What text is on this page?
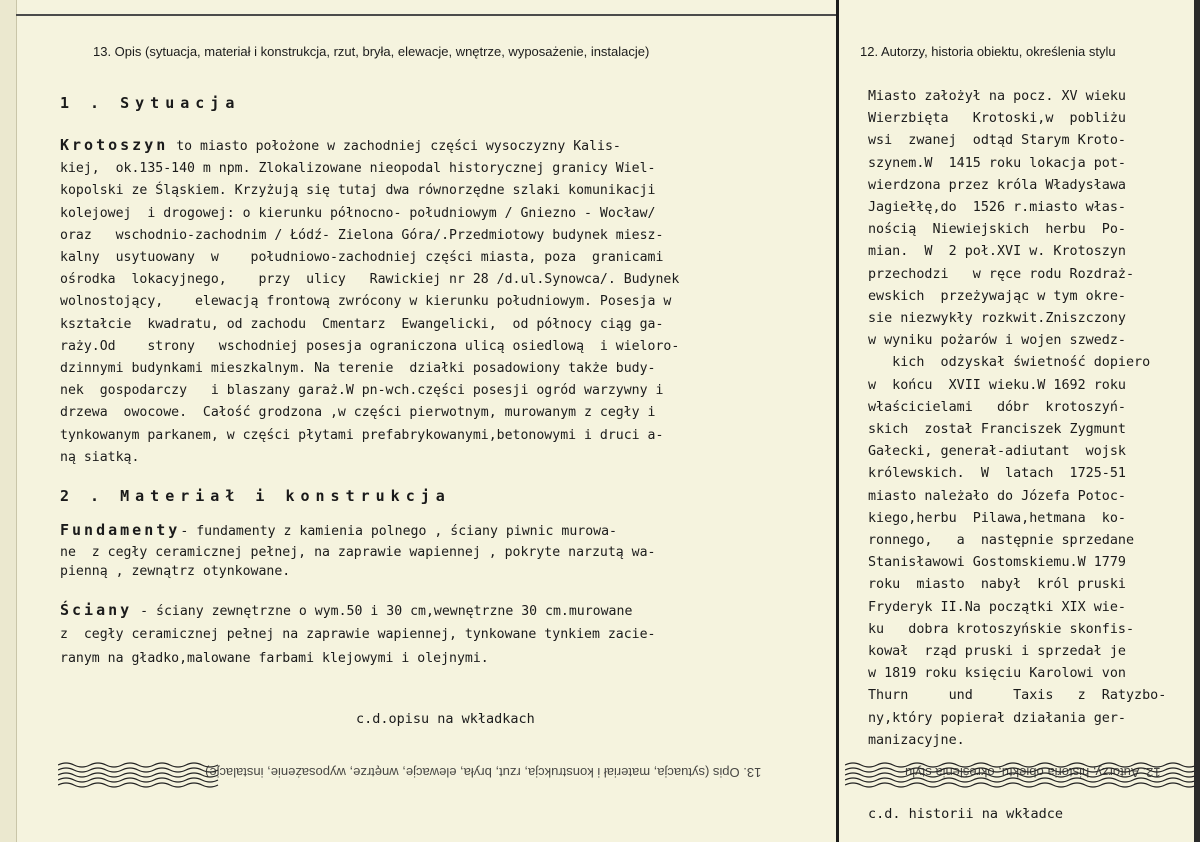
13. Opis (sytuacja, materiał i konstrukcja, rzut, bryła, elewacje, wnętrze, wyposażenie, instalacje)	12. Autorzy, historia obiektu, określenia stylu

1 . Sytuacja

Krotoszyn to miasto położone w zachodniej części wysoczyzny Kalis-

kiej,  ok.135-140 m npm. Zlokalizowane nieopodal historycznej granicy Wiel-

kopolski ze Śląskiem. Krzyżują się tutaj dwa równorzędne szlaki komunikacji

kolejowej  i drogowej: o kierunku północno- południowym / Gniezno - Wocław/

oraz   wschodnio-zachodnim / Łódź- Zielona Góra/.Przedmiotowy budynek miesz-

kalny  usytuowany  w    południowo-zachodniej części miasta, poza  granicami

ośrodka  lokacyjnego,    przy  ulicy   Rawickiej nr 28 /d.ul.Synowca/. Budynek

wolnostojący,    elewacją frontową zwrócony w kierunku południowym. Posesja w

kształcie  kwadratu, od zachodu  Cmentarz  Ewangelicki,  od północy ciąg ga-

raży.Od    strony   wschodniej posesja ograniczona ulicą osiedlową  i wieloro-

dzinnymi budynkami mieszkalnym. Na terenie  działki posadowiony także budy-

nek  gospodarczy   i blaszany garaż.W pn-wch.części posesji ogród warzywny i

drzewa  owocowe.  Całość grodzona ,w części pierwotnym, murowanym z cegły i

tynkowanym parkanem, w części płytami prefabrykowanymi,betonowymi i druci a-

ną siatką.

2 . Materiał i konstrukcja

Fundamenty- fundamenty z kamienia polnego , ściany piwnic murowa-

ne  z cegły ceramicznej pełnej, na zaprawie wapiennej , pokryte narzutą wa-

pienną , zewnątrz otynkowane.

Ściany - ściany zewnętrzne o wym.50 i 30 cm,wewnętrzne 30 cm.murowane

z  cegły ceramicznej pełnej na zaprawie wapiennej, tynkowane tynkiem zacie-

ranym na gładko,malowane farbami klejowymi i olejnymi.

c.d.opisu na wkładkach
13. Opis (sytuacja, materiał i konstrukcja, rzut, bryła, elewacje, wnętrze, wyposażenie, instalacje)

Miasto założył na pocz. XV wieku

Wierzbięta   Krotoski,w  pobliżu

wsi  zwanej  odtąd Starym Kroto-

szynem.W  1415 roku lokacja pot-

wierdzona przez króla Władysława

Jagiełłę,do  1526 r.miasto włas-

nością  Niewiejskich  herbu  Po-

mian.  W  2 poł.XVI w. Krotoszyn

przechodzi   w ręce rodu Rozdraż-

ewskich  przeżywając w tym okre-

sie niezwykły rozkwit.Zniszczony

w wyniku pożarów i wojen szwedz-

kich  odzyskał świetność dopiero

w  końcu  XVII wieku.W 1692 roku

właścicielami   dóbr  krotoszyń-

skich  został Franciszek Zygmunt

Gałecki, generał-adiutant  wojsk

królewskich.  W  latach  1725-51

miasto należało do Józefa Potoc-

kiego,herbu  Pilawa,hetmana  ko-

ronnego,   a  następnie sprzedane

Stanisławowi Gostomskiemu.W 1779

roku  miasto  nabył  król pruski

Fryderyk II.Na początki XIX wie-

ku   dobra krotoszyńskie skonfis-

kował  rząd pruski i sprzedał je

w 1819 roku księciu Karolowi von

Thurn     und     Taxis   z  Ratyzbo-

ny,który popierał działania ger-

manizacyjne.

12. Autorzy, historia obiektu, określenia stylu
c.d. historii na wkładce
